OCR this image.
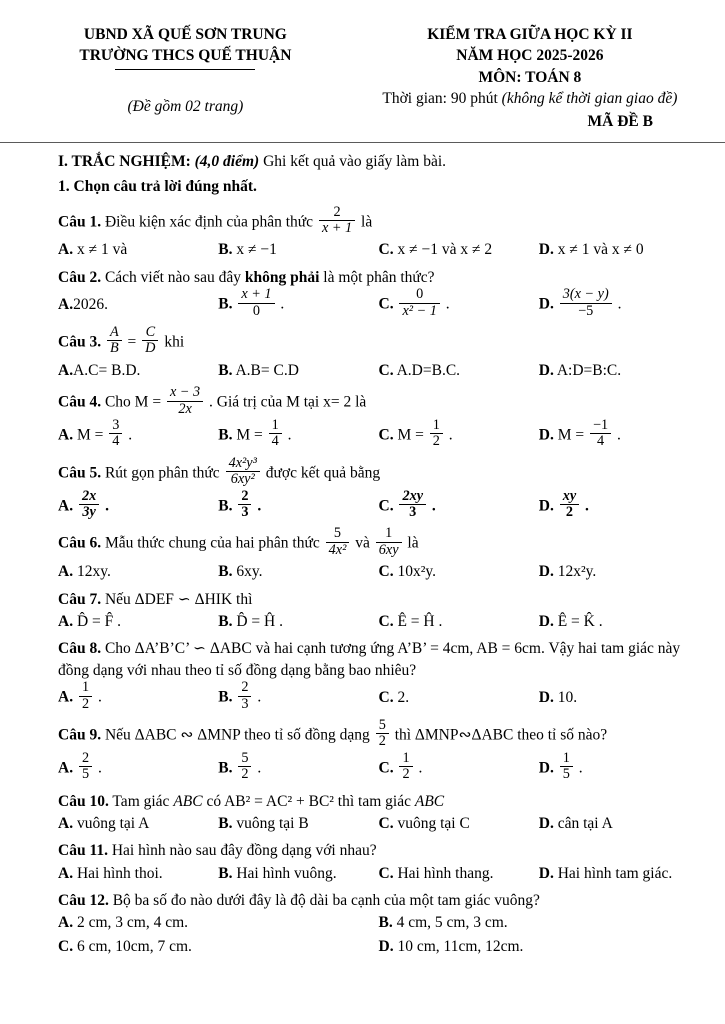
UBND XÃ QUẾ SƠN TRUNG
TRƯỜNG THCS QUẾ THUẬN
(Đề gồm 02 trang)
KIỂM TRA GIỮA HỌC KỲ II
NĂM HỌC 2025-2026
MÔN: TOÁN 8
Thời gian: 90 phút (không kể thời gian giao đề)
MÃ ĐỀ B

I. TRẮC NGHIỆM: (4,0 điểm) Ghi kết quả vào giấy làm bài.

1. Chọn câu trả lời đúng nhất.

Câu 1. Điều kiện xác định của phân thức $\frac{2}{x + 1}$ là

A. x ≠ 1 và	B. x ≠ −1	C. x ≠ −1 và x ≠ 2	D. x ≠ 1 và x ≠ 0

Câu 2. Cách viết nào sau đây không phải là một phân thức?

A.2026.	B. $\frac{x + 1}{0}$ .	C. $\frac{0}{\text{x² − 1}}$ .	D. $\frac{3(x - y)}{-5}$ .

Câu 3. $\frac{A}{B} = \frac{C}{D}$ khi

A.A.C= B.D.	B. A.B= C.D	C. A.D=B.C.	D. A:D=B:C.

Câu 4. Cho $M = \frac{x - 3}{2x}$ . Giá trị của M tại x= 2 là

A. $M = \frac{3}{4}$ .	B. $M = \frac{1}{4}$ .	C. $M = \frac{1}{2}$ .	D. $M = \frac{-1}{4}$ .

Câu 5. Rút gọn phân thức $\frac{\text{4x²y³}}{\text{6xy²}}$ được kết quả bằng

A. $\frac{2x}{3y}$ .	B. $\frac{2}{3}$ .	C. $\frac{2xy}{3}$ .	D. $\frac{xy}{2}$ .

Câu 6. Mẫu thức chung của hai phân thức $\frac{5}{\text{4x²}}$ và $\frac{1}{6xy}$ là

A. 12xy.	B. 6xy.	C. 10x²y.	D. 12x²y.

Câu 7. Nếu ΔDEF ∽ ΔHIK thì

A. D̂ = F̂ .	B. D̂ = Ĥ .	C. Ê = Ĥ .	D. Ê = K̂ .

Câu 8. Cho ΔA’B’C’ ∽ ΔABC và hai cạnh tương ứng A’B’ = 4cm, AB = 6cm. Vậy hai tam giác này đồng dạng với nhau theo tỉ số đồng dạng bằng bao nhiêu?

A. $\frac{1}{2}$ .	B. $\frac{2}{3}$ .	C. 2.	D. 10.

Câu 9. Nếu ΔABC ∾ ΔMNP theo tỉ số đồng dạng $\frac{5}{2}$ thì ΔMNP∾ΔABC theo tỉ số nào?

A. $\frac{2}{5}$ .	B. $\frac{5}{2}$ .	C. $\frac{1}{2}$ .	D. $\frac{1}{5}$ .

Câu 10. Tam giác ABC có AB² = AC² + BC² thì tam giác ABC

A. vuông tại A	B. vuông tại B	C. vuông tại C	D. cân tại A

Câu 11. Hai hình nào sau đây đồng dạng với nhau?

A. Hai hình thoi.	B. Hai hình vuông.	C. Hai hình thang.	D. Hai hình tam giác.

Câu 12. Bộ ba số đo nào dưới đây là độ dài ba cạnh của một tam giác vuông?

A. 2 cm, 3 cm, 4 cm.	B. 4 cm, 5 cm, 3 cm.
C. 6 cm, 10cm, 7 cm.	D. 10 cm, 11cm, 12cm.
